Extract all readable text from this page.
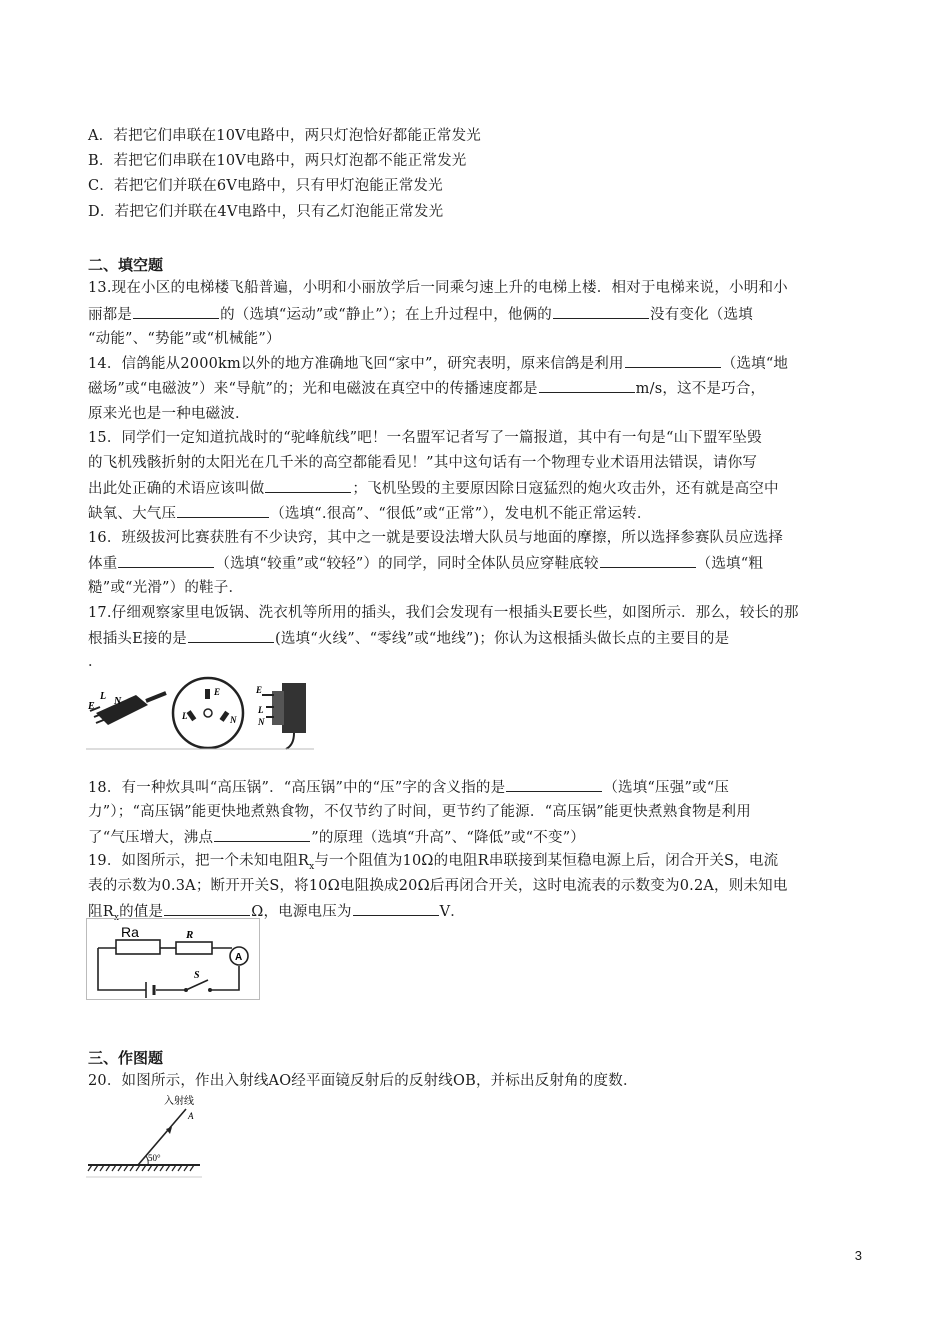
A．若把它们串联在10V电路中，两只灯泡恰好都能正常发光
B．若把它们串联在10V电路中，两只灯泡都不能正常发光
C．若把它们并联在6V电路中，只有甲灯泡能正常发光
D．若把它们并联在4V电路中，只有乙灯泡能正常发光
二、填空题
13.现在小区的电梯楼飞船普遍，小明和小丽放学后一同乘匀速上升的电梯上楼．相对于电梯来说，小明和小
丽都是	的（选填“运动”或“静止”）；在上升过程中，他俩的	没有变化（选填
“动能”、“势能”或“机械能”）
14．信鸽能从2000km以外的地方准确地飞回“家中”，研究表明，原来信鸽是利用	（选填“地
磁场”或“电磁波”）来“导航”的；光和电磁波在真空中的传播速度都是	m/s，这不是巧合，
原来光也是一种电磁波．
15．同学们一定知道抗战时的“驼峰航线”吧！一名盟军记者写了一篇报道，其中有一句是“山下盟军坠毁
的飞机残骸折射的太阳光在几千米的高空都能看见！”其中这句话有一个物理专业术语用法错误，请你写
出此处正确的术语应该叫做	；飞机坠毁的主要原因除日寇猛烈的炮火攻击外，还有就是高空中
缺氧、大气压	（选填“.很高”、“很低”或“正常”），发电机不能正常运转．
16．班级拔河比赛获胜有不少诀窍，其中之一就是要设法增大队员与地面的摩擦，所以选择参赛队员应选择
体重	（选填“较重”或“较轻”）的同学，同时全体队员应穿鞋底较	（选填“粗
糙”或“光滑”）的鞋子．
17.仔细观察家里电饭锅、洗衣机等所用的插头，我们会发现有一根插头E要长些，如图所示．那么，较长的那
根插头E接的是	(选填“火线”、“零线”或“地线”)；你认为这根插头做长点的主要目的是
．
E
L N
E
L	N
E
L
N
18．有一种炊具叫“高压锅”．“高压锅”中的“压”字的含义指的是	（选填“压强”或“压
力”）；“高压锅”能更快地煮熟食物，不仅节约了时间，更节约了能源．“高压锅”能更快煮熟食物是利用
了“气压增大，沸点	”的原理（选填“升高”、“降低”或“不变”）
19．如图所示，把一个未知电阻$R_x$与一个阻值为10Ω的电阻R串联接到某恒稳电源上后，闭合开关S，电流
表的示数为0.3A；断开开关S，将10Ω电阻换成20Ω后再闭合开关，这时电流表的示数变为0.2A，则未知电
阻$R_x$的值是	Ω，电源电压为	V．
Ra	R
A
S
三、作图题
20．如图所示，作出入射线AO经平面镜反射后的反射线OB，并标出反射角的度数．
入射线
A
50°
3
